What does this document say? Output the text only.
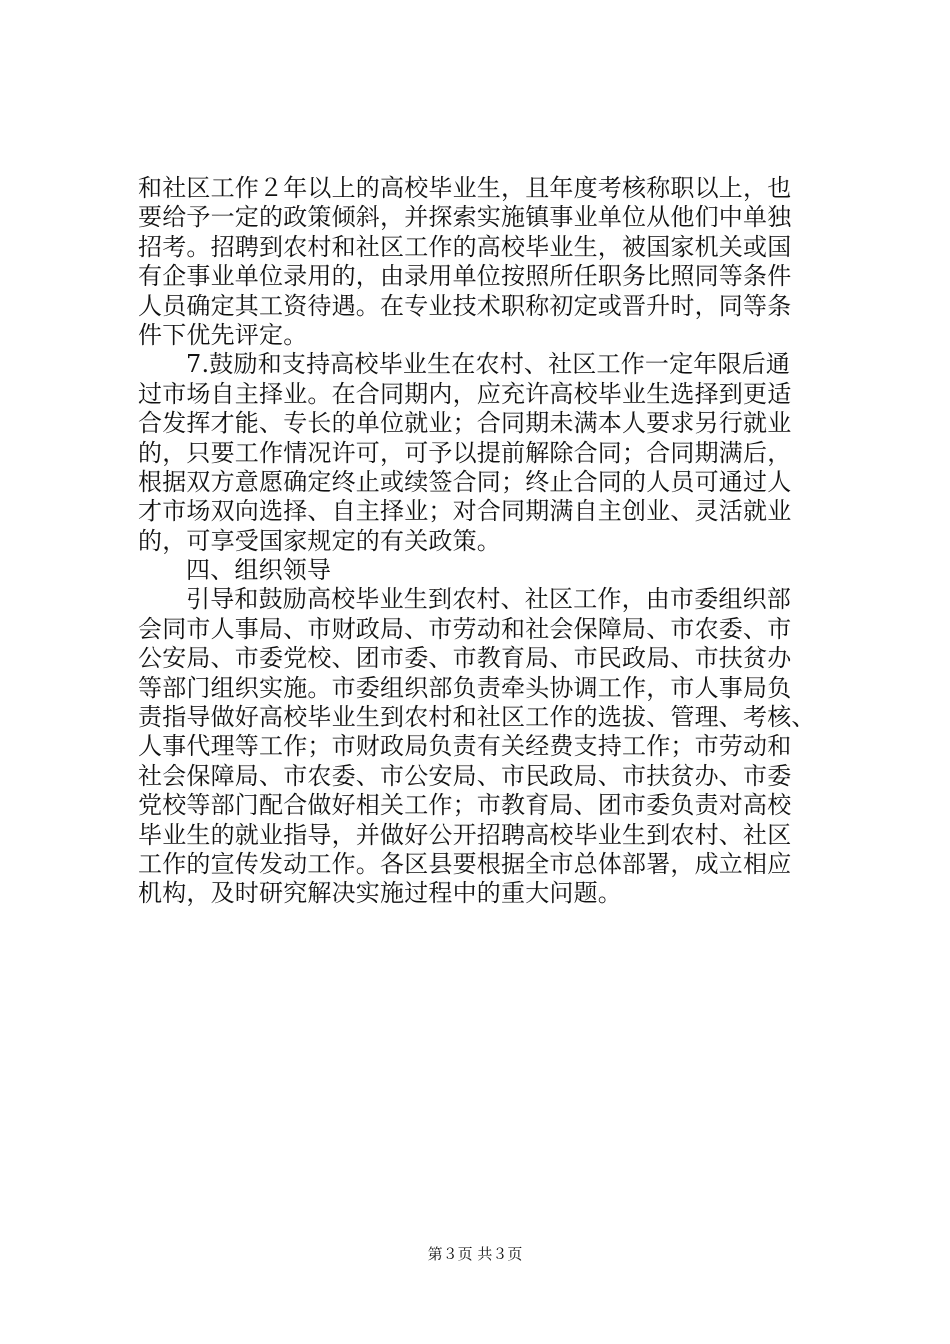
和社区工作２年以上的高校毕业生，且年度考核称职以上，也
要给予一定的政策倾斜，并探索实施镇事业单位从他们中单独
招考。招聘到农村和社区工作的高校毕业生，被国家机关或国
有企事业单位录用的，由录用单位按照所任职务比照同等条件
人员确定其工资待遇。在专业技术职称初定或晋升时，同等条
件下优先评定。
7.鼓励和支持高校毕业生在农村、社区工作一定年限后通
过市场自主择业。在合同期内，应充许高校毕业生选择到更适
合发挥才能、专长的单位就业；合同期未满本人要求另行就业
的，只要工作情况许可，可予以提前解除合同；合同期满后，
根据双方意愿确定终止或续签合同；终止合同的人员可通过人
才市场双向选择、自主择业；对合同期满自主创业、灵活就业
的，可享受国家规定的有关政策。
四、组织领导
引导和鼓励高校毕业生到农村、社区工作，由市委组织部
会同市人事局、市财政局、市劳动和社会保障局、市农委、市
公安局、市委党校、团市委、市教育局、市民政局、市扶贫办
等部门组织实施。市委组织部负责牵头协调工作，市人事局负
责指导做好高校毕业生到农村和社区工作的选拔、管理、考核、
人事代理等工作；市财政局负责有关经费支持工作；市劳动和
社会保障局、市农委、市公安局、市民政局、市扶贫办、市委
党校等部门配合做好相关工作；市教育局、团市委负责对高校
毕业生的就业指导，并做好公开招聘高校毕业生到农村、社区
工作的宣传发动工作。各区县要根据全市总体部署，成立相应
机构，及时研究解决实施过程中的重大问题。
第３页 共３页
